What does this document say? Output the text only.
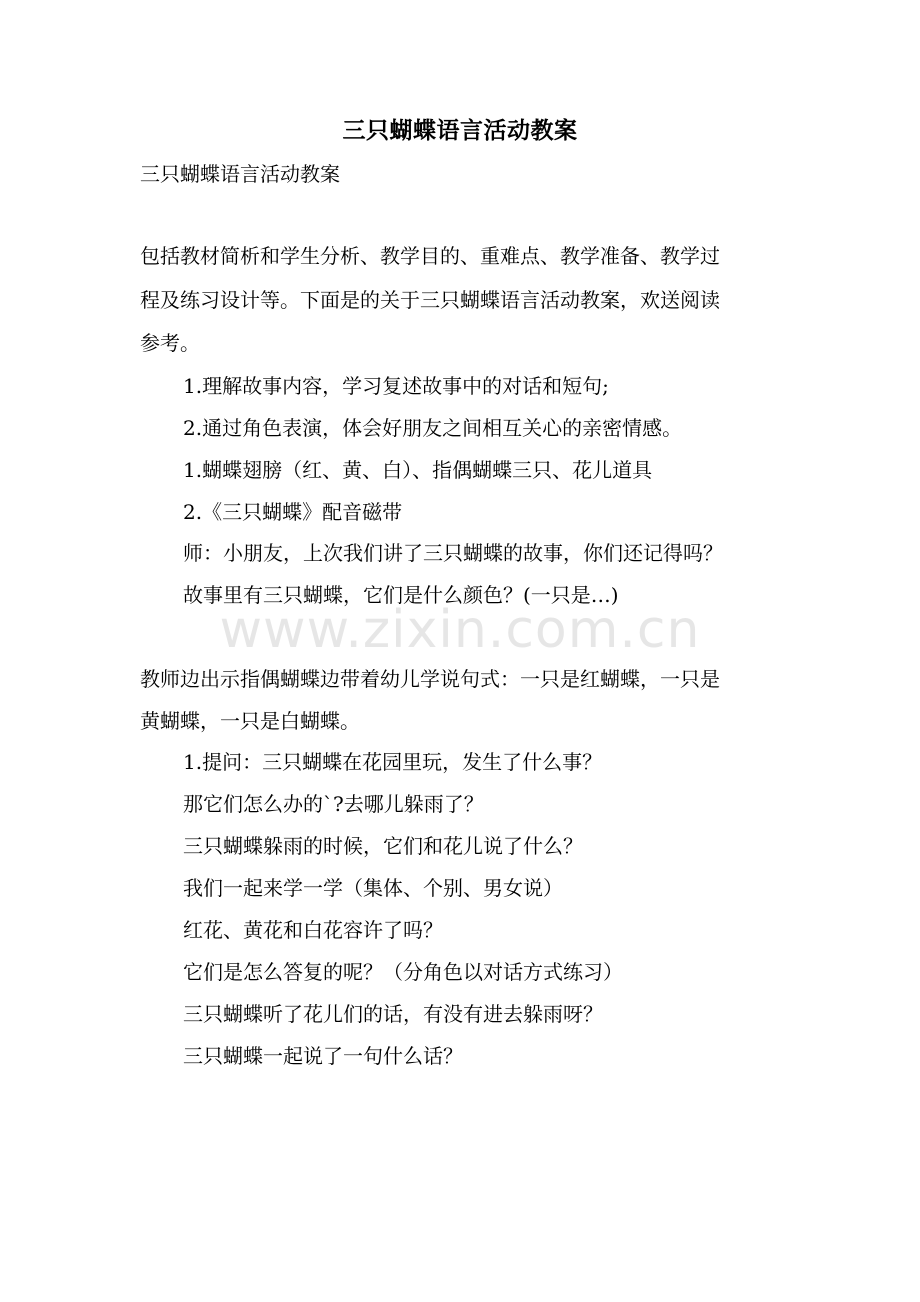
三只蝴蝶语言活动教案
三只蝴蝶语言活动教案
包括教材简析和学生分析、教学目的、重难点、教学准备、教学过
程及练习设计等。下面是的关于三只蝴蝶语言活动教案，欢送阅读
参考。
1.理解故事内容，学习复述故事中的对话和短句;
2.通过角色表演，体会好朋友之间相互关心的亲密情感。
1.蝴蝶翅膀（红、黄、白）、指偶蝴蝶三只、花儿道具
2.《三只蝴蝶》配音磁带
师：小朋友，上次我们讲了三只蝴蝶的故事，你们还记得吗？
故事里有三只蝴蝶，它们是什么颜色？(一只是…)
www.zixin.com.cn
教师边出示指偶蝴蝶边带着幼儿学说句式：一只是红蝴蝶，一只是
黄蝴蝶，一只是白蝴蝶。
1.提问：三只蝴蝶在花园里玩，发生了什么事？
那它们怎么办的`?去哪儿躲雨了？
三只蝴蝶躲雨的时候，它们和花儿说了什么？
我们一起来学一学（集体、个别、男女说）
红花、黄花和白花容许了吗？
它们是怎么答复的呢？（分角色以对话方式练习）
三只蝴蝶听了花儿们的话，有没有进去躲雨呀？
三只蝴蝶一起说了一句什么话？
